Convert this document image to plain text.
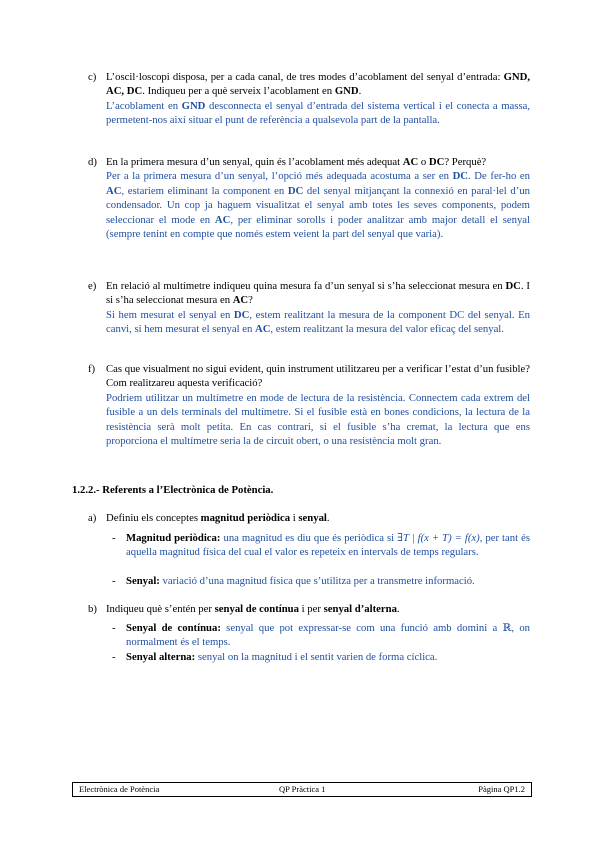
c) L’oscil·loscopi disposa, per a cada canal, de tres modes d’acoblament del senyal d’entrada: GND, AC, DC. Indiqueu per a què serveix l’acoblament en GND.
L’acoblament en GND desconnecta el senyal d’entrada del sistema vertical i el conecta a massa, permetent-nos així situar el punt de referència a qualsevola part de la pantalla.
d) En la primera mesura d’un senyal, quin és l’acoblament més adequat AC o DC? Perquè?
Per a la primera mesura d’un senyal, l’opció més adequada acostuma a ser en DC. De fer-ho en AC, estariem eliminant la component en DC del senyal mitjançant la connexió en paral·lel d’un condensador. Un cop ja haguem visualitzat el senyal amb totes les seves components, podem seleccionar el mode en AC, per eliminar sorolls i poder analitzar amb major detall el senyal (sempre tenint en compte que només estem veient la part del senyal que varia).
e) En relació al multímetre indiqueu quina mesura fa d’un senyal si s’ha seleccionat mesura en DC. I si s’ha seleccionat mesura en AC?
Si hem mesurat el senyal en DC, estem realitzant la mesura de la component DC del senyal. En canvi, si hem mesurat el senyal en AC, estem realitzant la mesura del valor eficaç del senyal.
f) Cas que visualment no sigui evident, quin instrument utilitzareu per a verificar l’estat d’un fusible? Com realitzareu aquesta verificació?
Podriem utilitzar un multímetre en mode de lectura de la resistència. Connectem cada extrem del fusible a un dels terminals del multímetre. Si el fusible està en bones condicions, la lectura de la resistència serà molt petita. En cas contrari, si el fusible s’ha cremat, la lectura que ens proporciona el multímetre seria la de circuit obert, o una resistència molt gran.
1.2.2.- Referents a l’Electrònica de Potència.
a) Definiu els conceptes magnitud periòdica i senyal.
- Magnitud periòdica: una magnitud es diu que és periòdica si ∃T | f(x + T) = f(x), per tant és aquella magnitud física del cual el valor es repeteix en intervals de temps regulars.
- Senyal: variació d’una magnitud física que s’utilitza per a transmetre informació.
b) Indiqueu què s’entén per senyal de contínua i per senyal d’alterna.
- Senyal de contínua: senyal que pot expressar-se com una funció amb domini a ℝ, on normalment és el temps.
- Senyal alterna: senyal on la magnitud i el sentit varien de forma cíclica.
Electrònica de Potència	QP Pràctica 1	Pàgina QP1.2
